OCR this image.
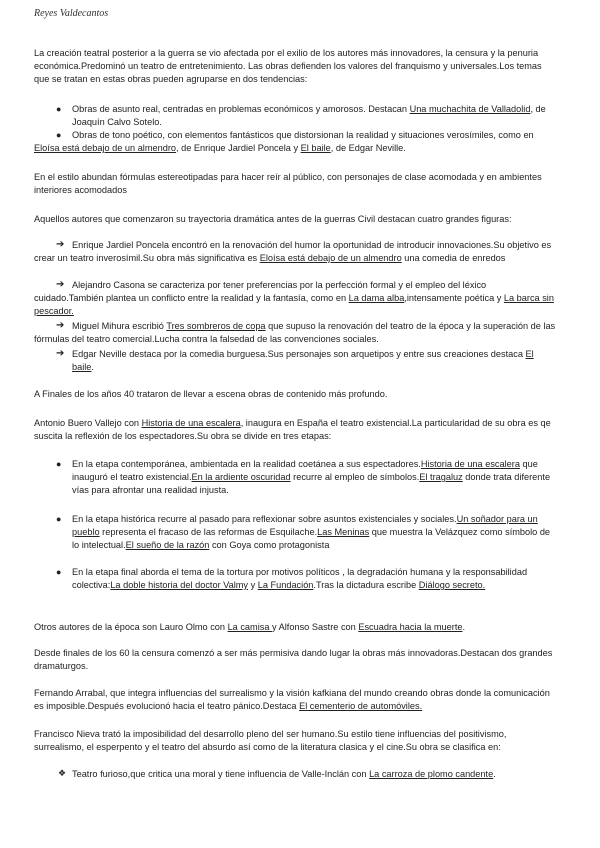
Reyes Valdecantos

La creación teatral posterior a la guerra se vio afectada por el exilio de los autores más innovadores, la censura y la penuria económica.Predominó un teatro de entretenimiento. Las obras defienden los valores del franquismo y universales.Los temas que se tratan en estas obras pueden agruparse en dos tendencias:

● Obras de asunto real, centradas en problemas económicos y amorosos. Destacan Una muchachita de Valladolid, de Joaquín Calvo Sotelo.

●	Obras de tono poético, con elementos fantásticos que distorsionan la realidad y situaciones verosímiles, como en Eloísa está debajo de un almendro, de Enrique Jardiel Poncela y El baile, de Edgar Neville.

En el estilo abundan fórmulas estereotipadas para hacer reír al público, con personajes de clase acomodada y en ambientes interiores acomodados

Aquellos autores que comenzaron su trayectoria dramática antes de la guerras Civil destacan cuatro grandes figuras:

➔ Enrique Jardiel Poncela encontró en la renovación del humor la oportunidad de introducir innovaciones.Su objetivo es crear un teatro inverosímil.Su obra más significativa es Eloísa está debajo de un almendro una comedia de enredos

➔ Alejandro Casona se caracteriza por tener preferencias por la perfección formal y el empleo del léxico cuidado.También plantea un conflicto entre la realidad y la fantasía, como en La dama alba,intensamente poética y La barca sin pescador.

➔ Miguel Mihura escribió Tres sombreros de copa que supuso la renovación del teatro de la época y la superación de las fórmulas del teatro comercial.Lucha contra la falsedad de las convenciones sociales.

➔ Edgar Neville destaca por la comedia burguesa.Sus personajes son arquetipos y entre sus creaciones destaca El baile.

A Finales de los años 40 trataron de llevar a escena obras de contenido más profundo.

Antonio Buero Vallejo con Historia de una escalera, inaugura en España el teatro existencial.La particularidad de su obra es qe suscita la reflexión de los espectadores.Su obra se divide en tres etapas:

● En la etapa contemporánea, ambientada en la realidad coetánea a sus espectadores.Historia de una escalera que inauguró el teatro existencial.En la ardiente oscuridad recurre al empleo de símbolos.El tragaluz donde trata diferente vías para afrontar una realidad injusta.

● En la etapa histórica recurre al pasado para reflexionar sobre asuntos existenciales y sociales.Un soñador para un pueblo representa el fracaso de las reformas de Esquilache.Las Meninas que muestra la Velázquez como símbolo de lo intelectual.El sueño de la razón con Goya como protagonista

● En la etapa final aborda el tema de la tortura por motivos políticos , la degradación humana y la responsabilidad colectiva:La doble historia del doctor Valmy y La Fundación.Tras la dictadura escribe Diálogo secreto.

Otros autores de la época son Lauro Olmo con La camisa y Alfonso Sastre con Escuadra hacia la muerte.

Desde finales de los 60 la censura comenzó a ser más permisiva dando lugar la obras más innovadoras.Destacan dos grandes dramaturgos.

Fernando Arrabal, que integra influencias del surrealismo y la visión kafkiana del mundo creando obras donde la comunicación es imposible.Después evolucionó hacia el teatro pánico.Destaca El cementerio de automóviles.

Francisco Nieva trató la imposibilidad del desarrollo pleno del ser humano.Su estilo tiene influencias del positivismo, surrealismo, el esperpento y el teatro del absurdo así como de la literatura clasica y el cine.Su obra se clasifica en:

❖ Teatro furioso,que critica una moral y tiene influencia de Valle-Inclán con La carroza de plomo candente.
